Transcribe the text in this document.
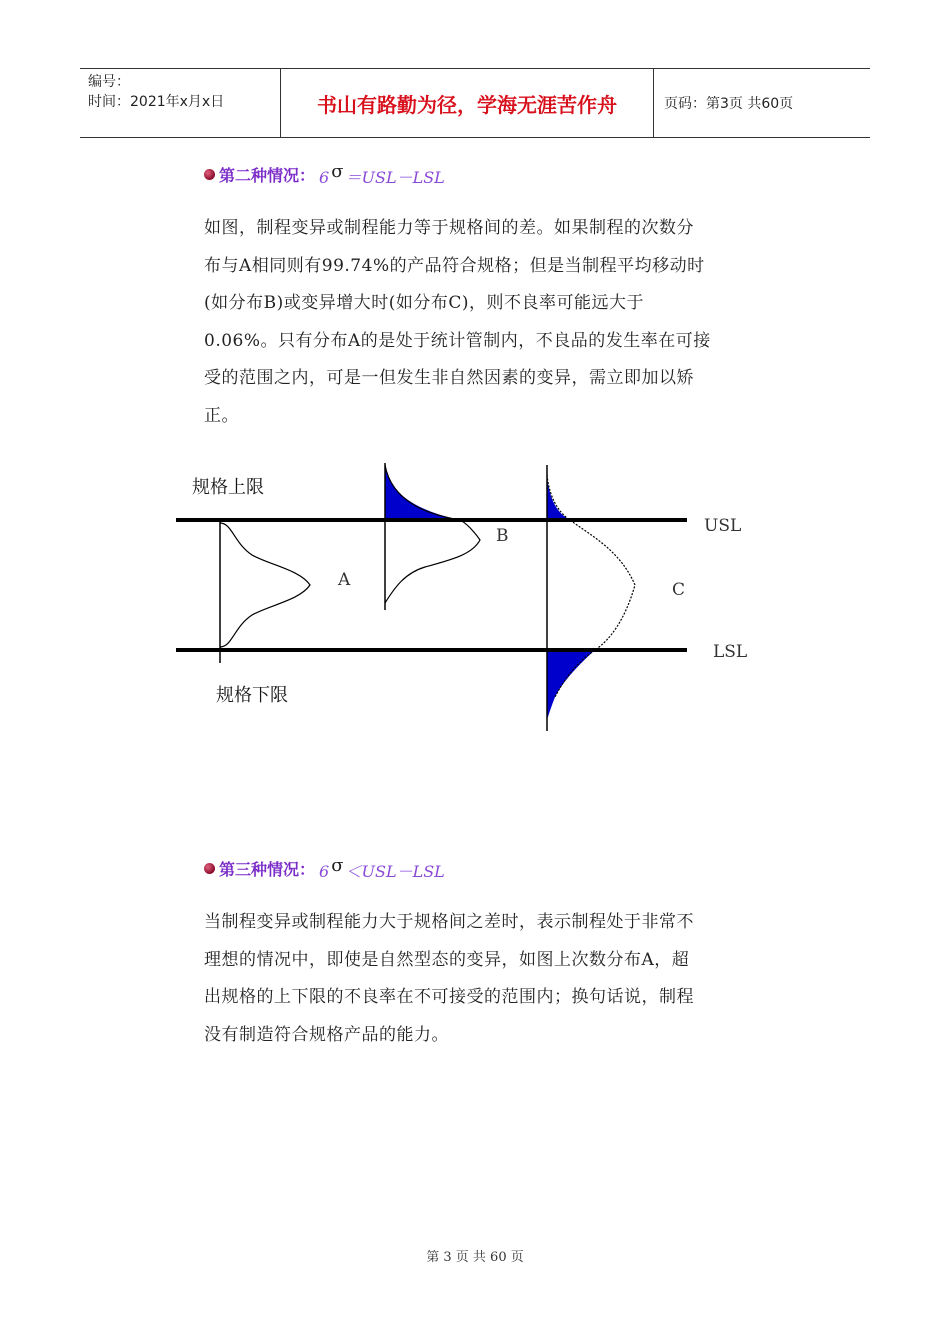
编号：
时间：2021年x月x日	书山有路勤为径，学海无涯苦作舟	页码：第3页 共60页
第二种情况： 6 σ ＝USL－LSL
如图，制程变异或制程能力等于规格间的差。如果制程的次数分
布与A相同则有99.74%的产品符合规格；但是当制程平均移动时
(如分布B)或变异增大时(如分布C)，则不良率可能远大于
0.06%。只有分布A的是处于统计管制内，不良品的发生率在可接
受的范围之内，可是一但发生非自然因素的变异，需立即加以矫
正。
规格上限
规格下限
A
B
C
USL
LSL
第三种情况： 6 σ ＜USL－LSL
当制程变异或制程能力大于规格间之差时，表示制程处于非常不
理想的情况中，即使是自然型态的变异，如图上次数分布A，超
出规格的上下限的不良率在不可接受的范围内；换句话说，制程
没有制造符合规格产品的能力。
第 3 页 共 60 页
